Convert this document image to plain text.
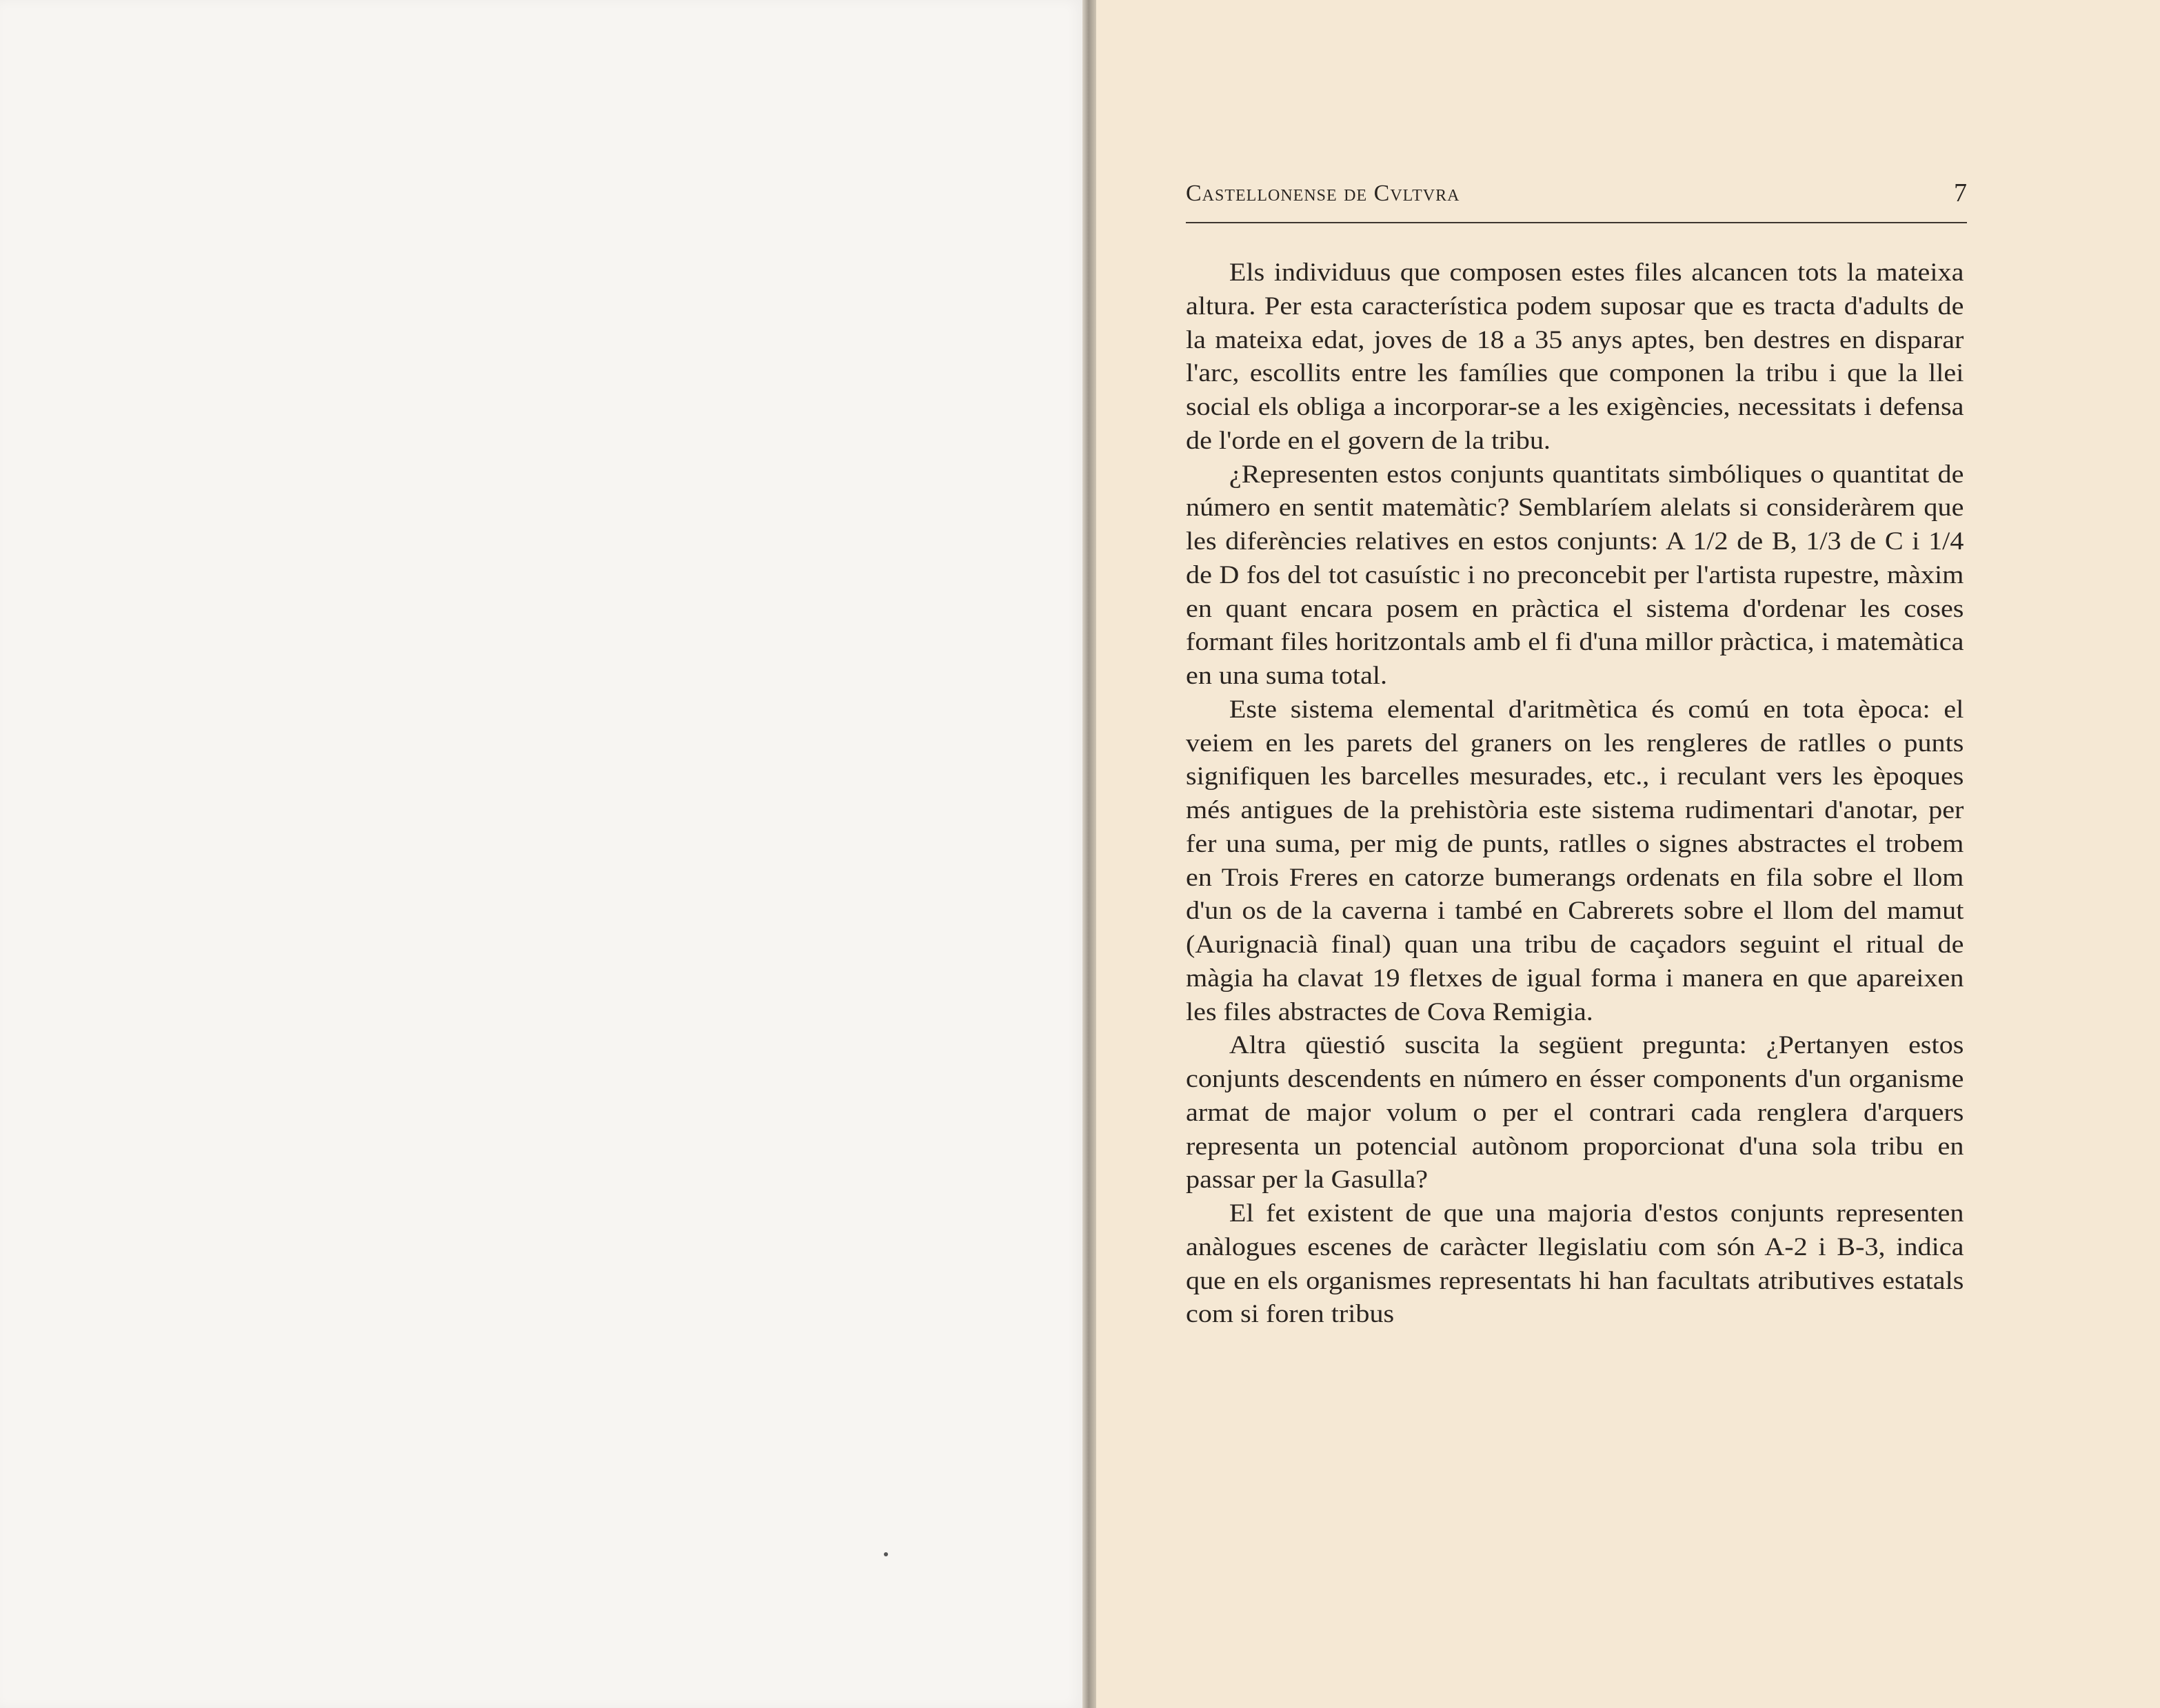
Castellonense de Cvltvra	7

Els individuus que composen estes files alcancen tots la mateixa altura. Per esta característica podem suposar que es tracta d'adults de la mateixa edat, joves de 18 a 35 anys aptes, ben destres en disparar l'arc, escollits entre les famílies que componen la tribu i que la llei social els obliga a incorporar-se a les exigències, necessitats i defensa de l'orde en el govern de la tribu.

¿Representen estos conjunts quantitats simbóliques o quantitat de número en sentit matemàtic? Semblaríem alelats si consideràrem que les diferències relatives en estos conjunts: A 1/2 de B, 1/3 de C i 1/4 de D fos del tot casuístic i no preconcebit per l'artista rupestre, màxim en quant encara posem en pràctica el sistema d'ordenar les coses formant files horitzontals amb el fi d'una millor pràctica, i matemàtica en una suma total.

Este sistema elemental d'aritmètica és comú en tota època: el veiem en les parets del graners on les rengleres de ratlles o punts signifiquen les barcelles mesurades, etc., i reculant vers les èpoques més antigues de la prehistòria este sistema rudimentari d'anotar, per fer una suma, per mig de punts, ratlles o signes abstractes el trobem en Trois Freres en catorze bumerangs ordenats en fila sobre el llom d'un os de la caverna i també en Cabrerets sobre el llom del mamut (Aurignacià final) quan una tribu de caçadors seguint el ritual de màgia ha clavat 19 fletxes de igual forma i manera en que apareixen les files abstractes de Cova Remigia.

Altra qüestió suscita la següent pregunta: ¿Pertanyen estos conjunts descendents en número en ésser components d'un organisme armat de major volum o per el contrari cada renglera d'arquers representa un potencial autònom proporcionat d'una sola tribu en passar per la Gasulla?

El fet existent de que una majoria d'estos conjunts representen anàlogues escenes de caràcter llegislatiu com són A-2 i B-3, indica que en els organismes representats hi han facultats atributives estatals com si foren tribus
